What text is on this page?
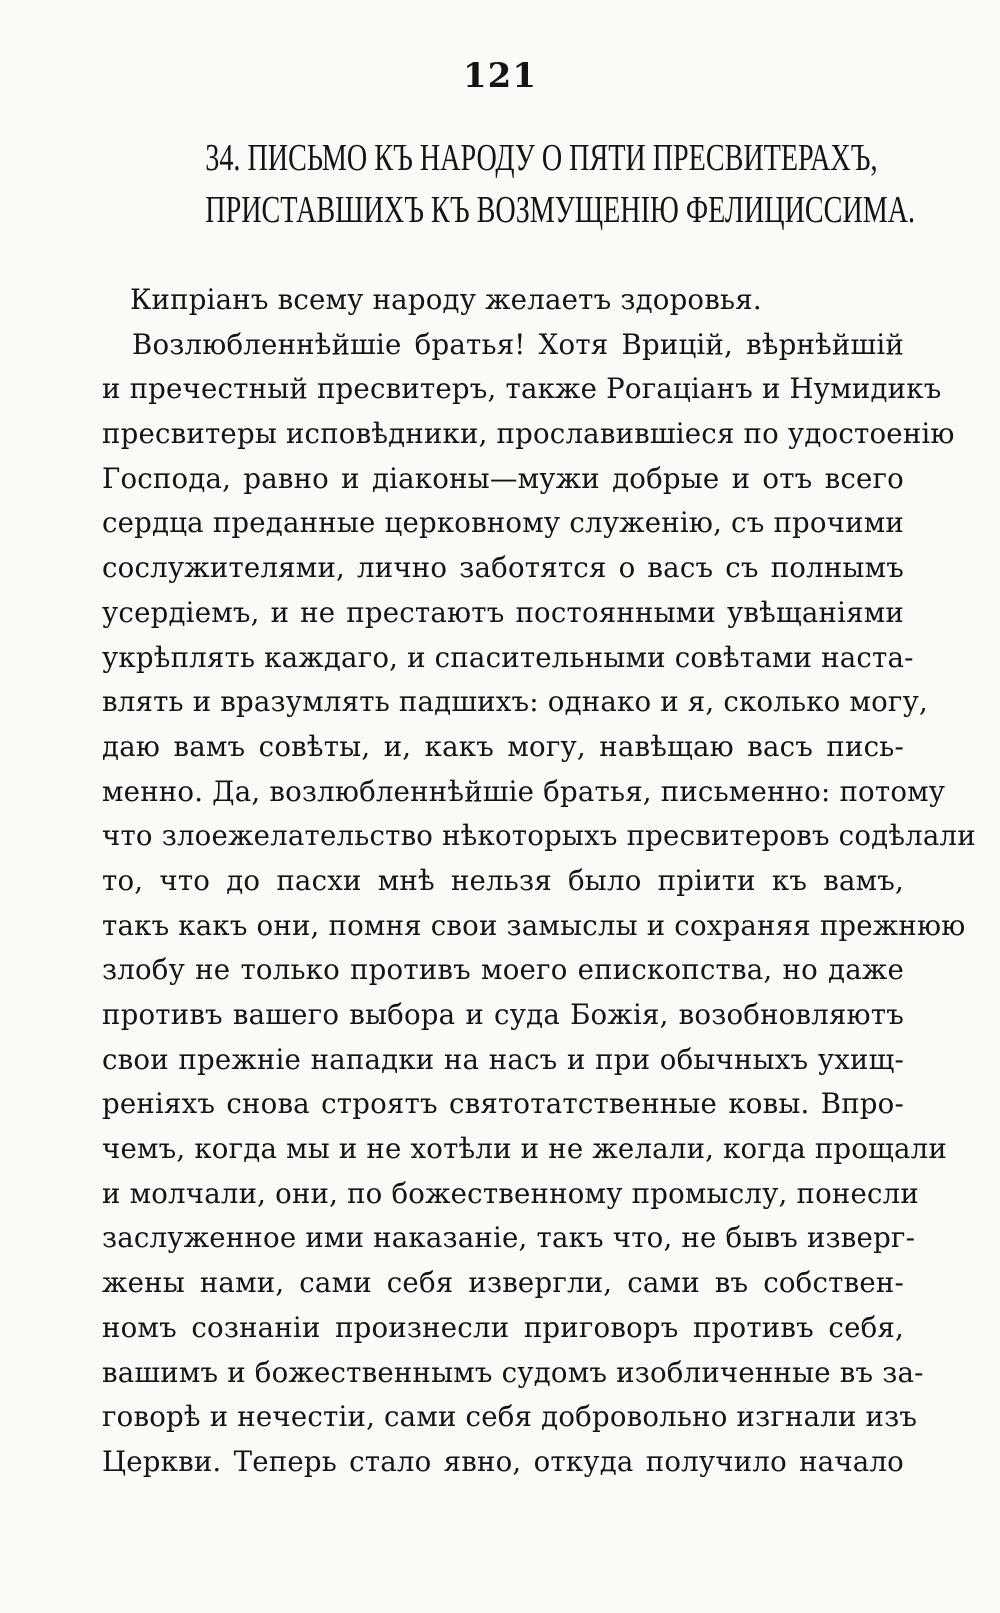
121
34. ПИСЬМО КЪ НАРОДУ О ПЯТИ ПРЕСВИТЕРАХЪ,
ПРИСТАВШИХЪ КЪ ВОЗМУЩЕНІЮ ФЕЛИЦИССИМА.
Кипріанъ всему народу желаетъ здоровья.
Возлюбленнѣйшіе братья! Хотя Врицій, вѣрнѣйшій
и пречестный пресвитеръ, также Рогаціанъ и Нумидикъ
пресвитеры исповѣдники, прославившіеся по удостоенію
Господа, равно и діаконы—мужи добрые и отъ всего
сердца преданные церковному служенію, съ прочими
сослужителями, лично заботятся о васъ съ полнымъ
усердіемъ, и не престаютъ постоянными увѣщаніями
укрѣплять каждаго, и спасительными совѣтами наста-
влять и вразумлять падшихъ: однако и я, сколько могу,
даю вамъ совѣты, и, какъ могу, навѣщаю васъ пись-
менно. Да, возлюбленнѣйшіе братья, письменно: потому
что злоежелательство нѣкоторыхъ пресвитеровъ содѣлали
то, что до пасхи мнѣ нельзя было пріити къ вамъ,
такъ какъ они, помня свои замыслы и сохраняя прежнюю
злобу не только противъ моего епископства, но даже
противъ вашего выбора и суда Божія, возобновляютъ
свои прежніе нападки на насъ и при обычныхъ ухищ-
реніяхъ снова строятъ святотатственные ковы. Впро-
чемъ, когда мы и не хотѣли и не желали, когда прощали
и молчали, они, по божественному промыслу, понесли
заслуженное ими наказаніе, такъ что, не бывъ изверг-
жены нами, сами себя извергли, сами въ собствен-
номъ сознаніи произнесли приговоръ противъ себя,
вашимъ и божественнымъ судомъ изобличенные въ за-
говорѣ и нечестіи, сами себя добровольно изгнали изъ
Церкви. Теперь стало явно, откуда получило начало
